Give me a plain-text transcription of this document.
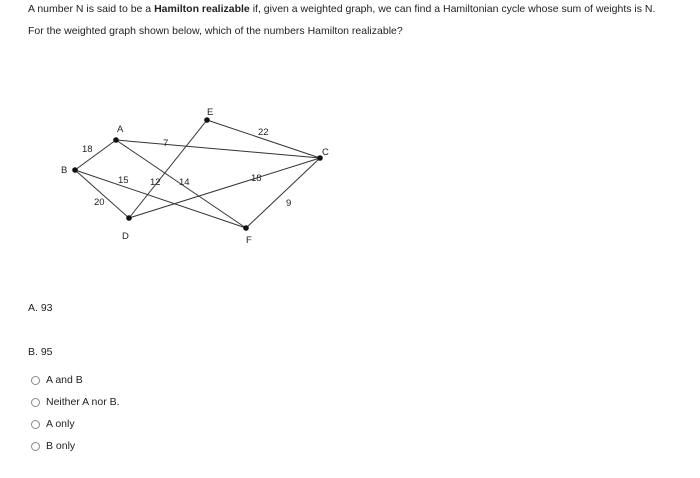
A number N is said to be a Hamilton realizable if, given a weighted graph, we can find a Hamiltonian cycle whose sum of weights is N.
For the weighted graph shown below, which of the numbers Hamilton realizable?
B
A
E
C
D	F
18
7
22
15 12 14	18
9
20
A. 93
B. 95
A and B
Neither A nor B.
A only
B only
